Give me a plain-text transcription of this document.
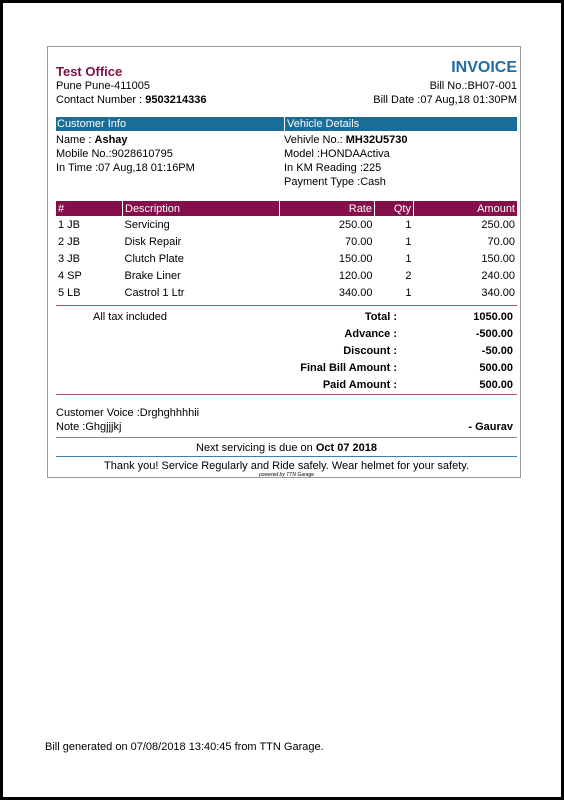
Test Office
Pune Pune-411005
Contact Number : 9503214336
INVOICE
Bill No.:BH07-001
Bill Date :07 Aug,18 01:30PM
Customer Info	Vehicle Details
Name : Ashay
Mobile No.:9028610795
In Time :07 Aug,18 01:16PM
Vehivle No.: MH32U5730
Model :HONDAActiva
In KM Reading :225
Payment Type :Cash
#	Description	Rate	Qty	Amount
1 JB	Servicing	250.00	1	250.00
2 JB	Disk Repair	70.00	1	70.00
3 JB	Clutch Plate	150.00	1	150.00
4 SP	Brake Liner	120.00	2	240.00
5 LB	Castrol 1 Ltr	340.00	1	340.00
All tax included	Total :	1050.00
Advance :	-500.00
Discount :	-50.00
Final Bill Amount :	500.00
Paid Amount :	500.00
Customer Voice :Drghghhhhii
Note :Ghgjjjkj	- Gaurav
Next servicing is due on Oct 07 2018
Thank you! Service Regularly and Ride safely. Wear helmet for your safety.
powered by TTN Garage
Bill generated on 07/08/2018 13:40:45 from TTN Garage.
